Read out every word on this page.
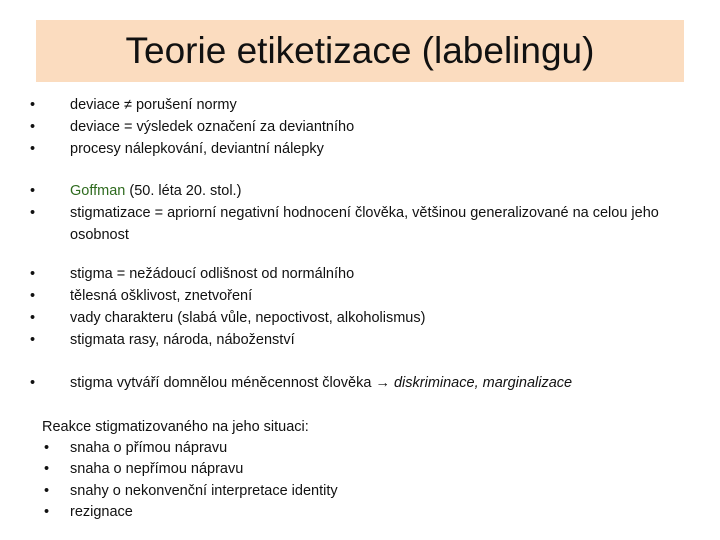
Teorie etiketizace (labelingu)
•	deviace ≠ porušení normy
•	deviace = výsledek označení za deviantního
•	procesy nálepkování, deviantní nálepky
•	Goffman (50. léta 20. stol.)
•	stigmatizace = apriorní negativní hodnocení člověka, většinou generalizované na celou jeho osobnost
•	stigma = nežádoucí odlišnost od normálního
•	tělesná ošklivost, znetvoření
•	vady charakteru (slabá vůle, nepoctivost, alkoholismus)
•	stigmata rasy, národa, náboženství
•	stigma vytváří domnělou méněcennost člověka → diskriminace, marginalizace
Reakce stigmatizovaného na jeho situaci:
•	snaha o přímou nápravu
•	snaha o nepřímou nápravu
•	snahy o nekonvenční interpretace identity
•	rezignace
